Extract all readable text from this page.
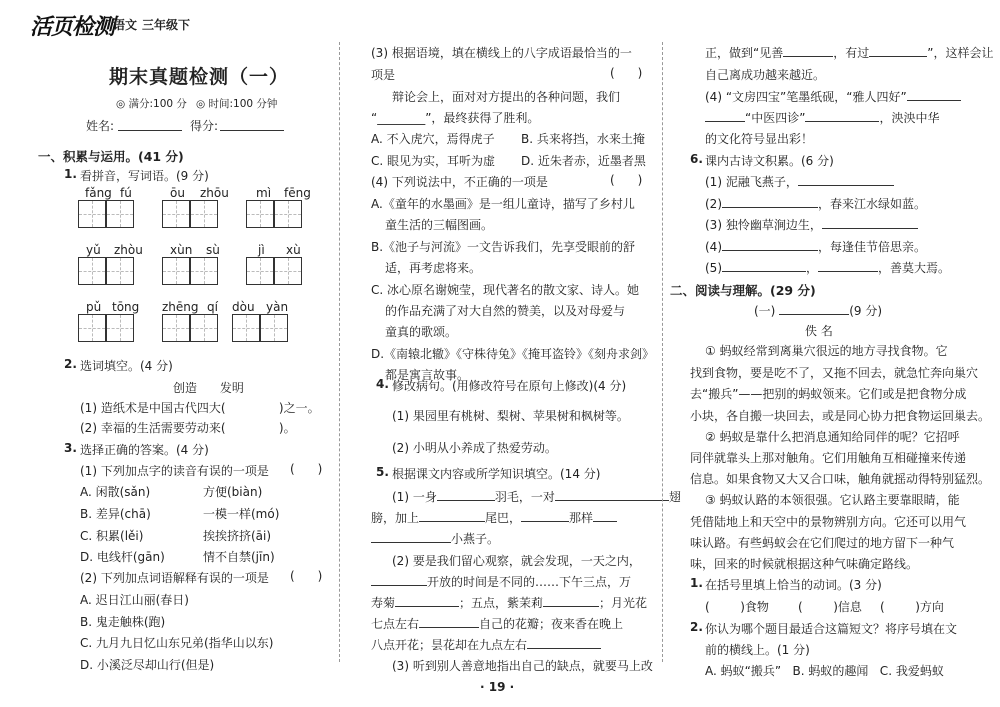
活页检测
语文 三年级下
期末真题检测（一）
◎ 满分:100 分 ◎ 时间:100 分钟
姓名:	得分:
一、积累与运用。(41 分)
1. 看拼音，写词语。(9 分)
fǎng fú	ōu zhōu mì fēng
yǔ zhòu xùn sù	jì xù
pǔ tōng zhēng qí dòu yàn
2. 选词填空。(4 分)
创造      发明
(1) 造纸术是中国古代四大(              )之一。
(2) 幸福的生活需要劳动来(              )。
3. 选择正确的答案。(4 分)
(1) 下列加点字的读音有误的一项是 (      )
A. 闲散(sǎn)	方便(biàn)
B. 差异(chā)	一模一样(mó)
C. 积累(lěi)	挨挨挤挤(āi)
D. 电线杆(gān)	情不自禁(jīn)
(2) 下列加点词语解释有误的一项是 (      )
A. 迟日江山丽(春日)
B. 鬼走触株(跑)
C. 九月九日忆山东兄弟(指华山以东)
D. 小溪泛尽却山行(但是)
(3) 根据语境，填在横线上的八字成语最恰当的一
项是	(      )
辩论会上，面对对方提出的各种问题，我们
“________”，最终获得了胜利。
A. 不入虎穴，焉得虎子 B. 兵来将挡，水来土掩
C. 眼见为实，耳听为虚 D. 近朱者赤，近墨者黑
(4) 下列说法中，不正确的一项是	(      )
A.《童年的水墨画》是一组儿童诗，描写了乡村儿
童生活的三幅图画。
B.《池子与河流》一文告诉我们，先享受眼前的舒
适，再考虑将来。
C. 冰心原名谢婉莹，现代著名的散文家、诗人。她
的作品充满了对大自然的赞美，以及对母爱与
童真的歌颂。
D.《南辕北辙》《守株待兔》《掩耳盗铃》《刻舟求剑》
都是寓言故事。
4. 修改病句。(用修改符号在原句上修改)(4 分)
(1) 果园里有桃树、梨树、苹果树和枫树等。
(2) 小明从小养成了热爱劳动。
5. 根据课文内容或所学知识填空。(14 分)
(1) 一身	羽毛，一对	翅
膀，加上	尾巴，	那样
小燕子。
(2) 要是我们留心观察，就会发现，一天之内，
开放的时间是不同的……下午三点，万
寿菊	；五点，紫茉莉	；月光花
七点左右	自己的花瓣；夜来香在晚上
八点开花；昙花却在九点左右
(3) 听到别人善意地指出自己的缺点，就要马上改
· 19 ·
正，做到“见善	，有过	”，这样会让
自己离成功越来越近。
(4) “文房四宝”笔墨纸砚，“雅人四好”
“中医四诊”	，泱泱中华
的文化符号显出彩！
6. 课内古诗文积累。(6 分)
(1) 泥融飞燕子，
(2)	，春来江水绿如蓝。
(3) 独怜幽草涧边生，
(4)	，每逢佳节倍思亲。
(5)	，	，善莫大焉。
二、阅读与理解。(29 分)
(一)	(9 分)
佚 名
① 蚂蚁经常到离巢穴很远的地方寻找食物。它
找到食物，要是吃不了，又拖不回去，就急忙奔向巢穴
去“搬兵”——把别的蚂蚁领来。它们或是把食物分成
小块，各自搬一块回去，或是同心协力把食物运回巢去。
② 蚂蚁是靠什么把消息通知给同伴的呢？它招呼
同伴就靠头上那对触角。它们用触角互相碰撞来传递
信息。如果食物又大又合口味，触角就摇动得特别猛烈。
③ 蚂蚁认路的本领很强。它认路主要靠眼睛，能
凭借陆地上和天空中的景物辨别方向。它还可以用气
味认路。有些蚂蚁会在它们爬过的地方留下一种气
味，回来的时候就根据这种气味确定路线。
1. 在括号里填上恰当的动词。(3 分)
(        )食物 (        )信息 (        )方向
2. 你认为哪个题目最适合这篇短文？将序号填在文
前的横线上。(1 分)
A. 蚂蚁“搬兵”   B. 蚂蚁的趣闻   C. 我爱蚂蚁
